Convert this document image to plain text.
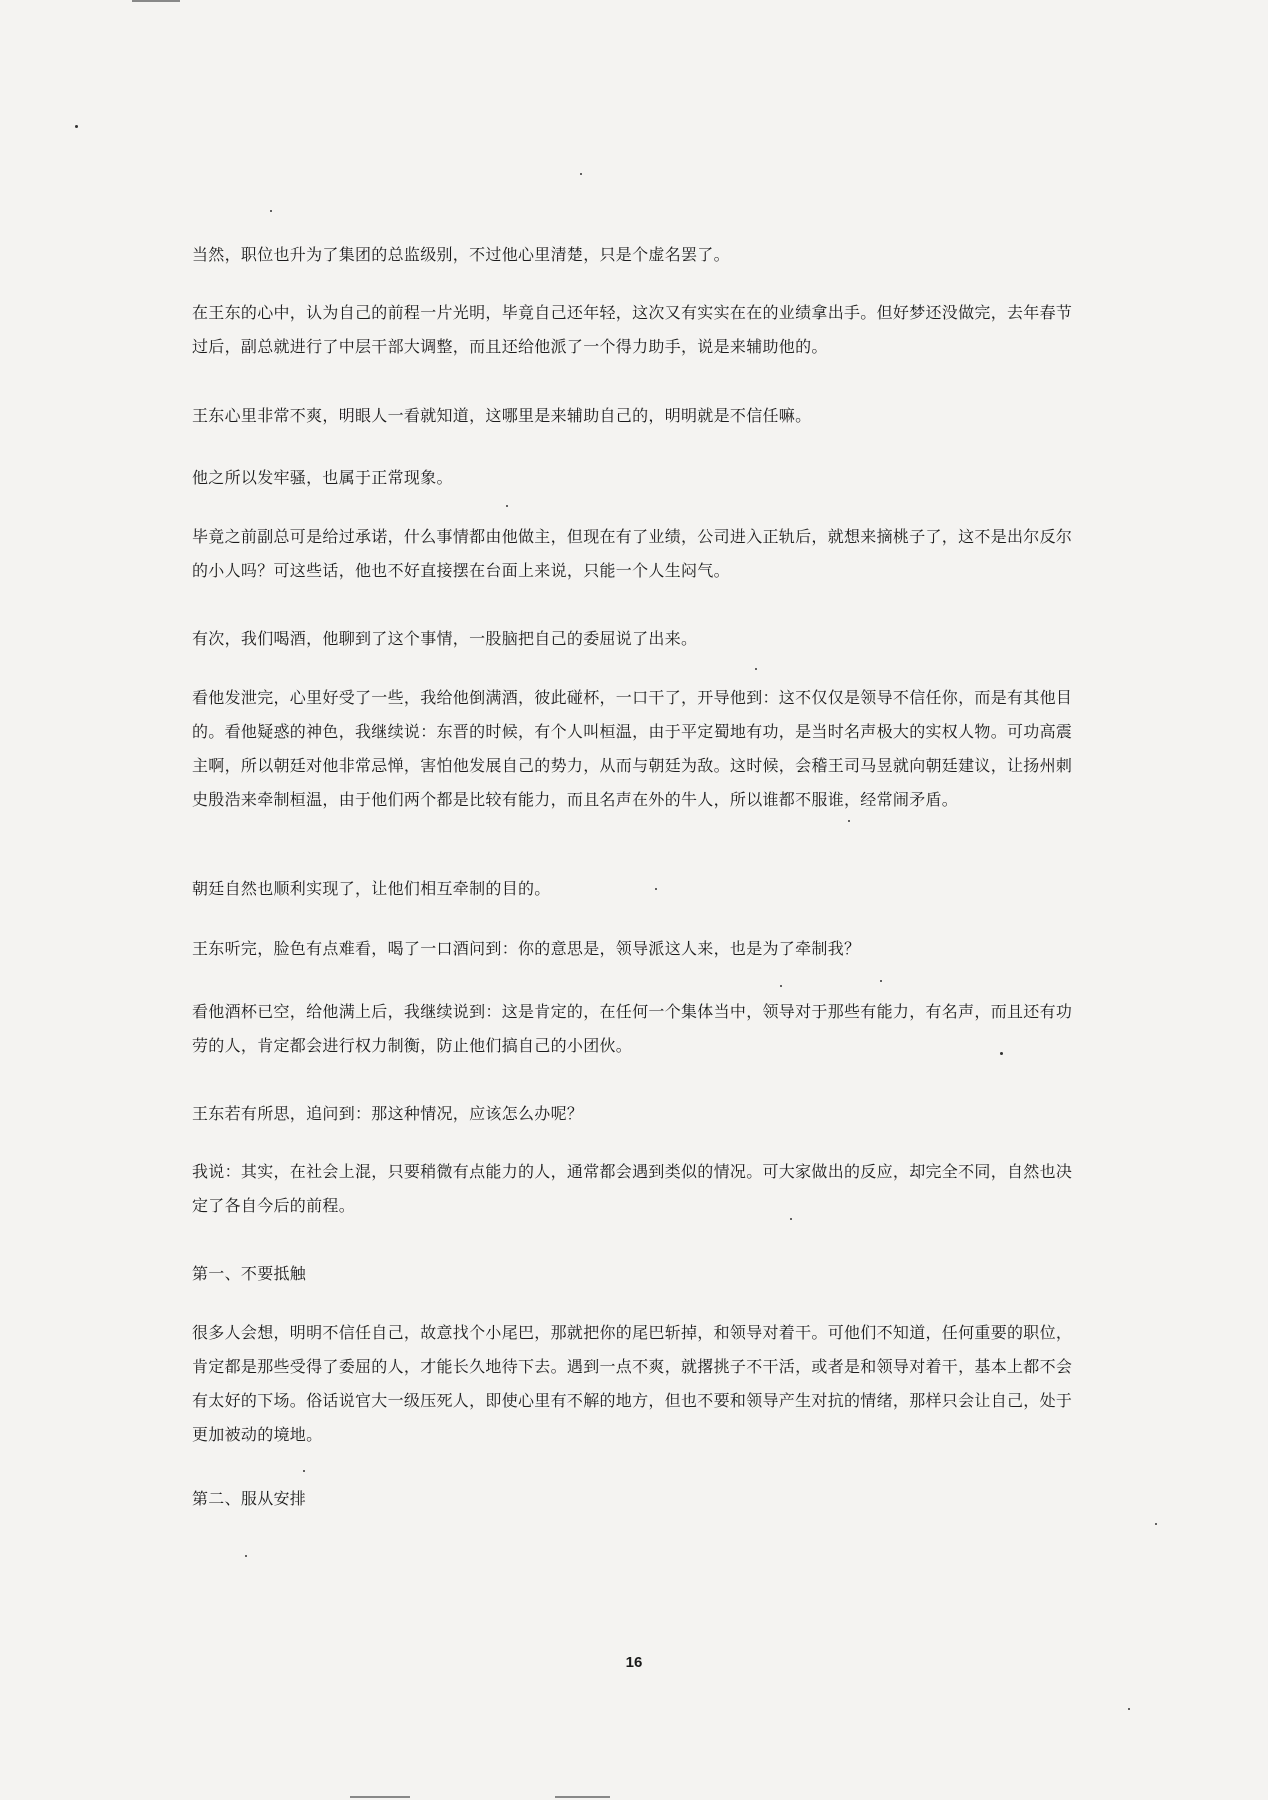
当然，职位也升为了集团的总监级别，不过他心里清楚，只是个虚名罢了。

在王东的心中，认为自己的前程一片光明，毕竟自己还年轻，这次又有实实在在的业绩拿出手。但好梦还没做完，去年春节过后，副总就进行了中层干部大调整，而且还给他派了一个得力助手，说是来辅助他的。

王东心里非常不爽，明眼人一看就知道，这哪里是来辅助自己的，明明就是不信任嘛。

他之所以发牢骚，也属于正常现象。

毕竟之前副总可是给过承诺，什么事情都由他做主，但现在有了业绩，公司进入正轨后，就想来摘桃子了，这不是出尔反尔的小人吗？可这些话，他也不好直接摆在台面上来说，只能一个人生闷气。

有次，我们喝酒，他聊到了这个事情，一股脑把自己的委屈说了出来。

看他发泄完，心里好受了一些，我给他倒满酒，彼此碰杯，一口干了，开导他到：这不仅仅是领导不信任你，而是有其他目的。看他疑惑的神色，我继续说：东晋的时候，有个人叫桓温，由于平定蜀地有功，是当时名声极大的实权人物。可功高震主啊，所以朝廷对他非常忌惮，害怕他发展自己的势力，从而与朝廷为敌。这时候，会稽王司马昱就向朝廷建议，让扬州刺史殷浩来牵制桓温，由于他们两个都是比较有能力，而且名声在外的牛人，所以谁都不服谁，经常闹矛盾。

朝廷自然也顺利实现了，让他们相互牵制的目的。

王东听完，脸色有点难看，喝了一口酒问到：你的意思是，领导派这人来，也是为了牵制我？

看他酒杯已空，给他满上后，我继续说到：这是肯定的，在任何一个集体当中，领导对于那些有能力，有名声，而且还有功劳的人，肯定都会进行权力制衡，防止他们搞自己的小团伙。

王东若有所思，追问到：那这种情况，应该怎么办呢？

我说：其实，在社会上混，只要稍微有点能力的人，通常都会遇到类似的情况。可大家做出的反应，却完全不同，自然也决定了各自今后的前程。

第一、不要抵触

很多人会想，明明不信任自己，故意找个小尾巴，那就把你的尾巴斩掉，和领导对着干。可他们不知道，任何重要的职位，肯定都是那些受得了委屈的人，才能长久地待下去。遇到一点不爽，就撂挑子不干活，或者是和领导对着干，基本上都不会有太好的下场。俗话说官大一级压死人，即使心里有不解的地方，但也不要和领导产生对抗的情绪，那样只会让自己，处于更加被动的境地。

第二、服从安排

16
